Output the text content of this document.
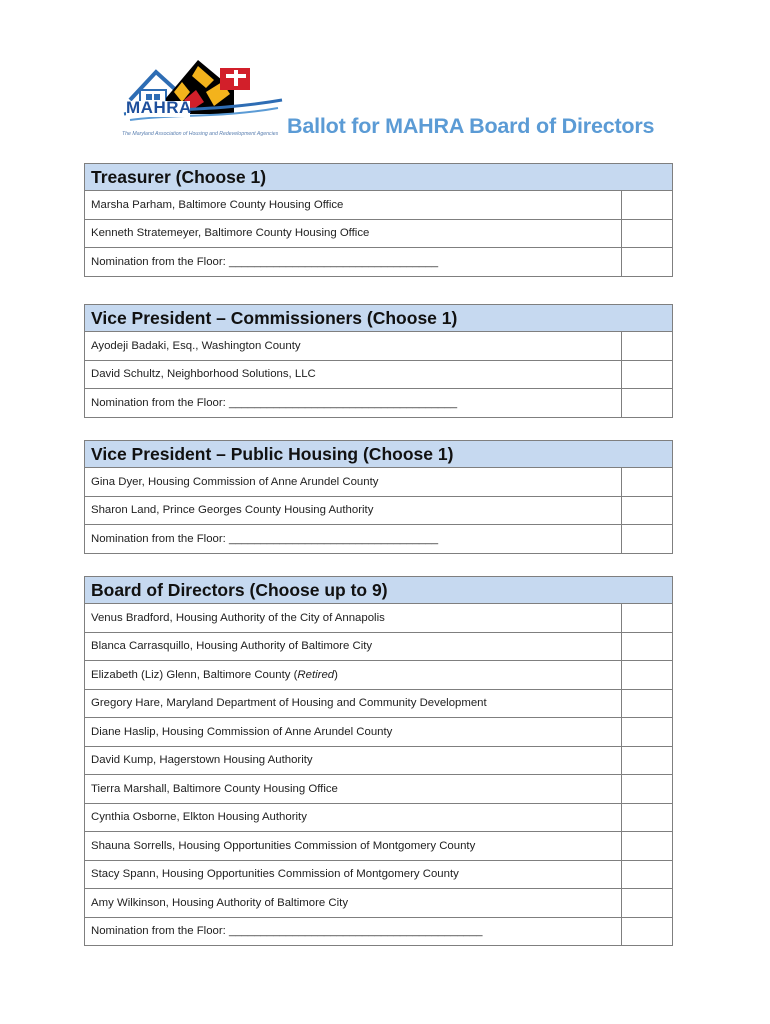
MAHRA
The Maryland Association of Housing and Redevelopment Agencies Ballot for MAHRA Board of Directors
Treasurer (Choose 1)	
Marsha Parham, Baltimore County Housing Office	
Kenneth Stratemeyer, Baltimore County Housing Office	
Nomination from the Floor: _________________________________	
Vice President – Commissioners (Choose 1)	
Ayodeji Badaki, Esq., Washington County	
David Schultz, Neighborhood Solutions, LLC	
Nomination from the Floor: ____________________________________	
Vice President – Public Housing (Choose 1)	
Gina Dyer, Housing Commission of Anne Arundel County	
Sharon Land, Prince Georges County Housing Authority	
Nomination from the Floor: _________________________________	
Board of Directors (Choose up to 9)	
Venus Bradford, Housing Authority of the City of Annapolis	
Blanca Carrasquillo, Housing Authority of Baltimore City	
Elizabeth (Liz) Glenn, Baltimore County (Retired)	
Gregory Hare, Maryland Department of Housing and Community Development	
Diane Haslip, Housing Commission of Anne Arundel County	
David Kump, Hagerstown Housing Authority	
Tierra Marshall, Baltimore County Housing Office	
Cynthia Osborne, Elkton Housing Authority	
Shauna Sorrells, Housing Opportunities Commission of Montgomery County	
Stacy Spann, Housing Opportunities Commission of Montgomery County	
Amy Wilkinson, Housing Authority of Baltimore City	
Nomination from the Floor: ________________________________________	
